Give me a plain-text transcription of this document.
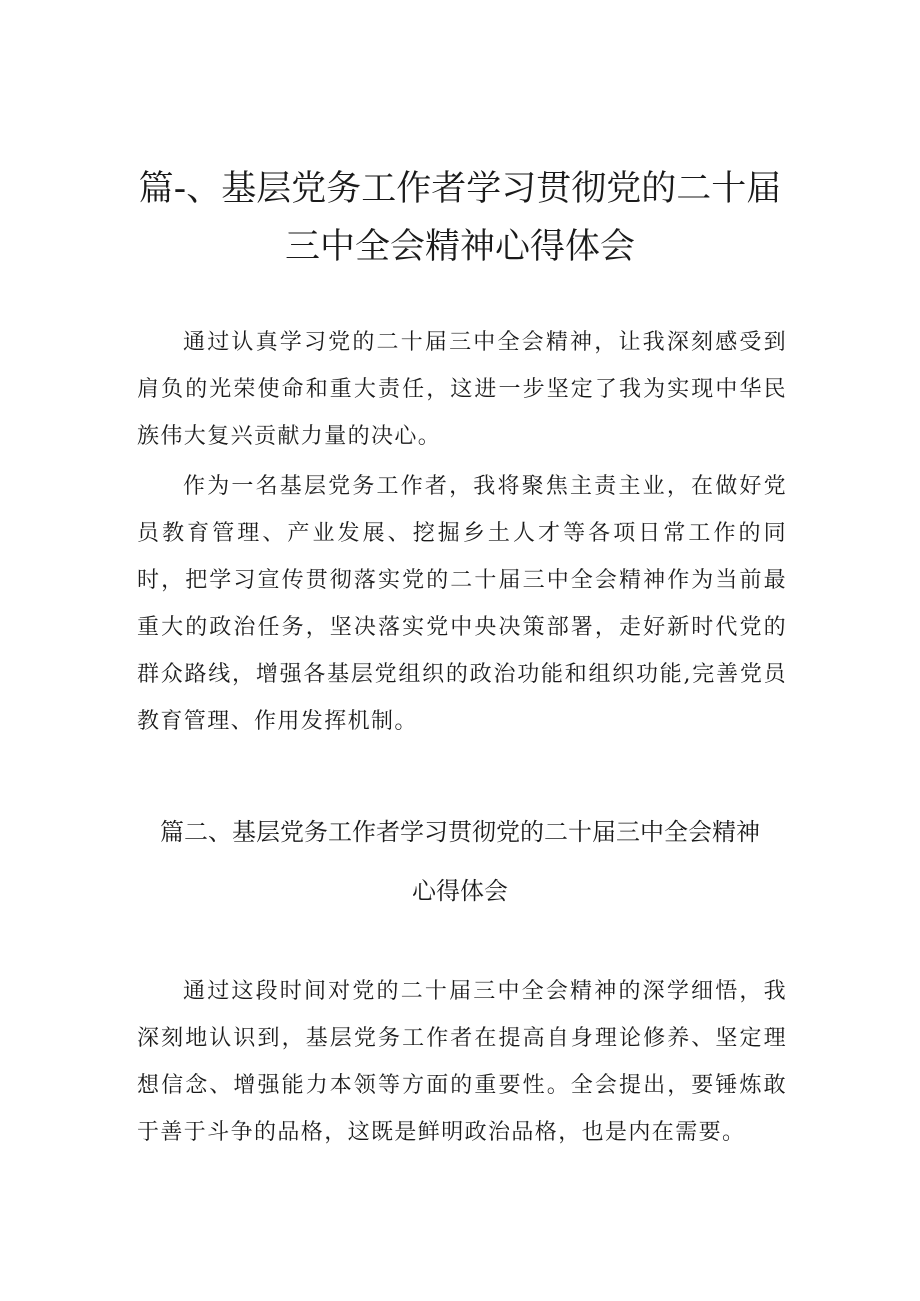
篇-、基层党务工作者学习贯彻党的二十届
三中全会精神心得体会

通过认真学习党的二十届三中全会精神，让我深刻感受到肩负的光荣使命和重大责任，这进一步坚定了我为实现中华民族伟大复兴贡献力量的决心。

作为一名基层党务工作者，我将聚焦主责主业，在做好党员教育管理、产业发展、挖掘乡土人才等各项日常工作的同时，把学习宣传贯彻落实党的二十届三中全会精神作为当前最重大的政治任务，坚决落实党中央决策部署，走好新时代党的群众路线，增强各基层党组织的政治功能和组织功能,完善党员教育管理、作用发挥机制。

篇二、基层党务工作者学习贯彻党的二十届三中全会精神
心得体会

通过这段时间对党的二十届三中全会精神的深学细悟，我深刻地认识到，基层党务工作者在提高自身理论修养、坚定理想信念、增强能力本领等方面的重要性。全会提出，要锤炼敢于善于斗争的品格，这既是鲜明政治品格，也是内在需要。
